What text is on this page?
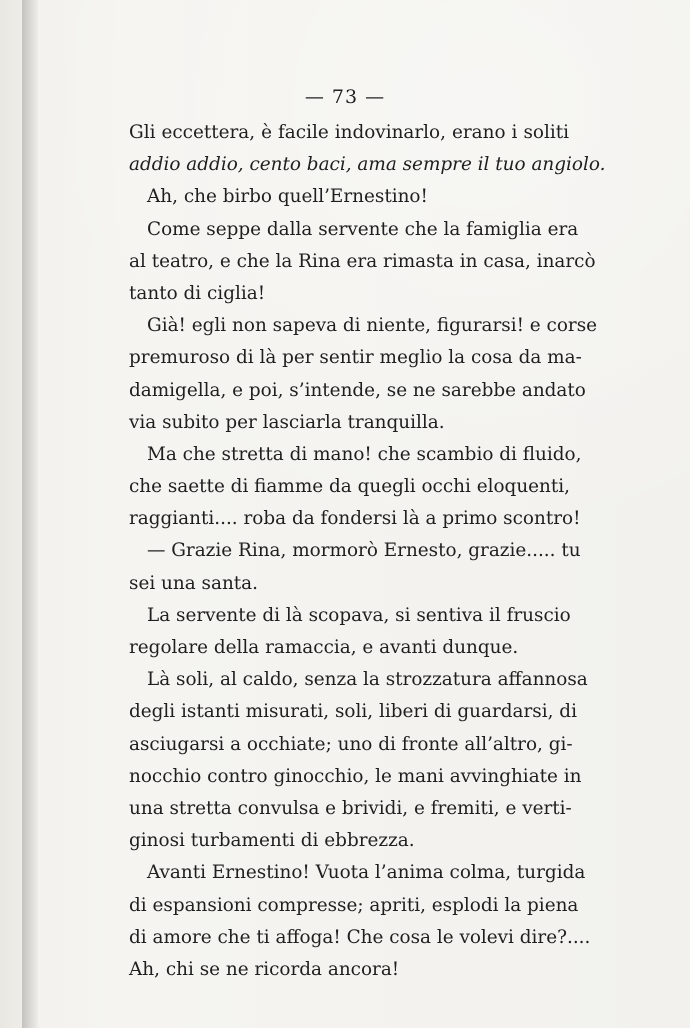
— 73 —
Gli eccettera, è facile indovinarlo, erano i soliti
addio addio, cento baci, ama sempre il tuo angiolo.
Ah, che birbo quell’Ernestino!
Come seppe dalla servente che la famiglia era
al teatro, e che la Rina era rimasta in casa, inarcò
tanto di ciglia!
Già! egli non sapeva di niente, figurarsi! e corse
premuroso di là per sentir meglio la cosa da ma-
damigella, e poi, s’intende, se ne sarebbe andato
via subito per lasciarla tranquilla.
Ma che stretta di mano! che scambio di fluido,
che saette di fiamme da quegli occhi eloquenti,
raggianti.... roba da fondersi là a primo scontro!
— Grazie Rina, mormorò Ernesto, grazie..... tu
sei una santa.
La servente di là scopava, si sentiva il fruscio
regolare della ramaccia, e avanti dunque.
Là soli, al caldo, senza la strozzatura affannosa
degli istanti misurati, soli, liberi di guardarsi, di
asciugarsi a occhiate; uno di fronte all’altro, gi-
nocchio contro ginocchio, le mani avvinghiate in
una stretta convulsa e brividi, e fremiti, e verti-
ginosi turbamenti di ebbrezza.
Avanti Ernestino! Vuota l’anima colma, turgida
di espansioni compresse; apriti, esplodi la piena
di amore che ti affoga! Che cosa le volevi dire?....
Ah, chi se ne ricorda ancora!
